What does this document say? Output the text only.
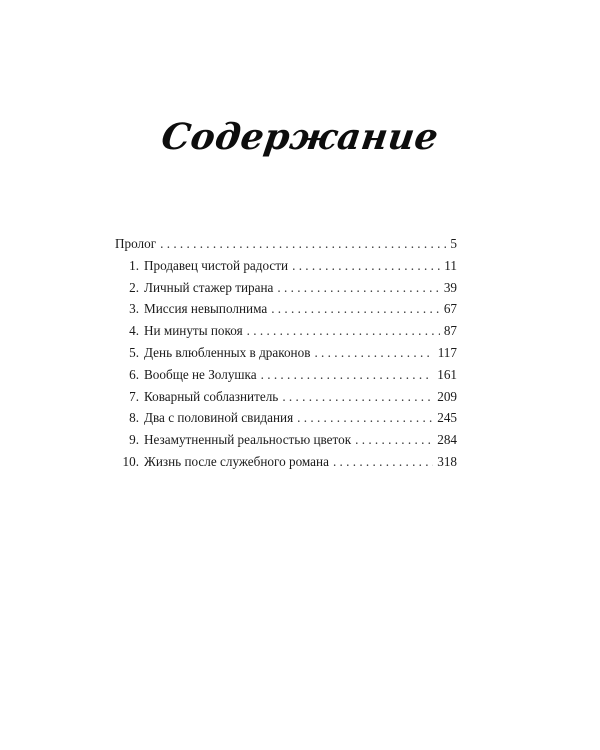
Содержание
Пролог . . .	5
1. Продавец чистой радости . . .	11
2. Личный стажер тирана . . .	39
3. Миссия невыполнима . . .	67
4. Ни минуты покоя . . .	87
5. День влюбленных в драконов . . .	117
6. Вообще не Золушка . . .	161
7. Коварный соблазнитель . . .	209
8. Два с половиной свидания . . .	245
9. Незамутненный реальностью цветок . . .	284
10. Жизнь после служебного романа . . .	318
